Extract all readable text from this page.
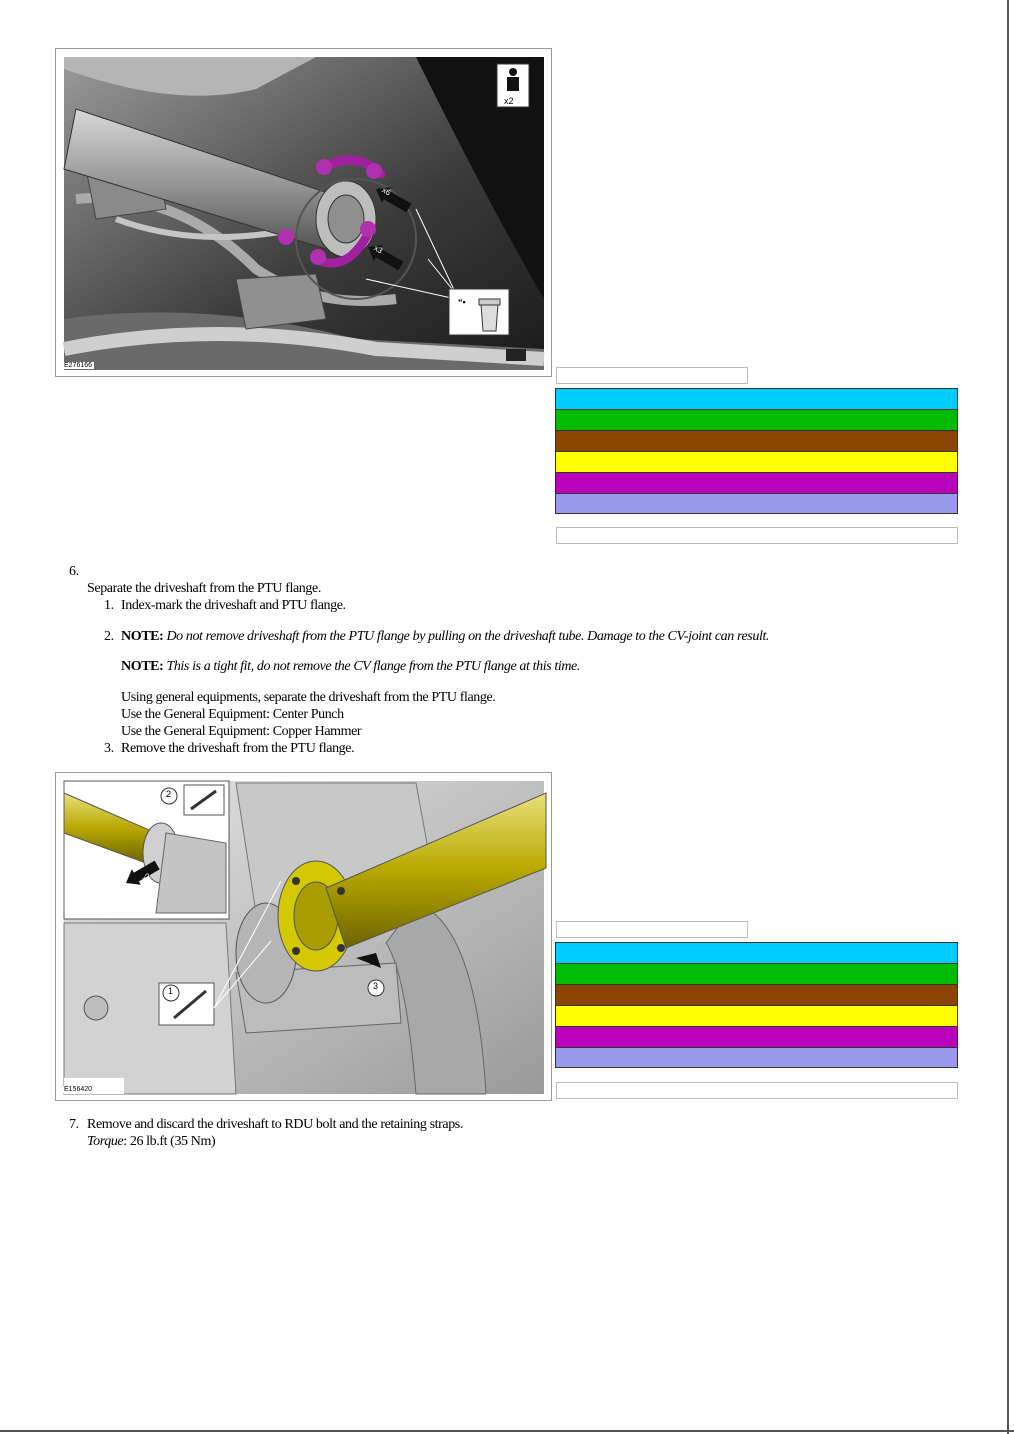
E276166
x2
x6
x3
“▪
6.
Separate the driveshaft from the PTU flange.
1. Index-mark the driveshaft and PTU flange.
2. NOTE: Do not remove driveshaft from the PTU flange by pulling on the driveshaft tube. Damage to the CV-joint can result.
NOTE: This is a tight fit, do not remove the CV flange from the PTU flange at this time.
Using general equipments, separate the driveshaft from the PTU flange.
Use the General Equipment: Center Punch
Use the General Equipment: Copper Hammer
3. Remove the driveshaft from the PTU flange.
E156420
2
1	3
x2
7. Remove and discard the driveshaft to RDU bolt and the retaining straps.
Torque: 26 lb.ft (35 Nm)
